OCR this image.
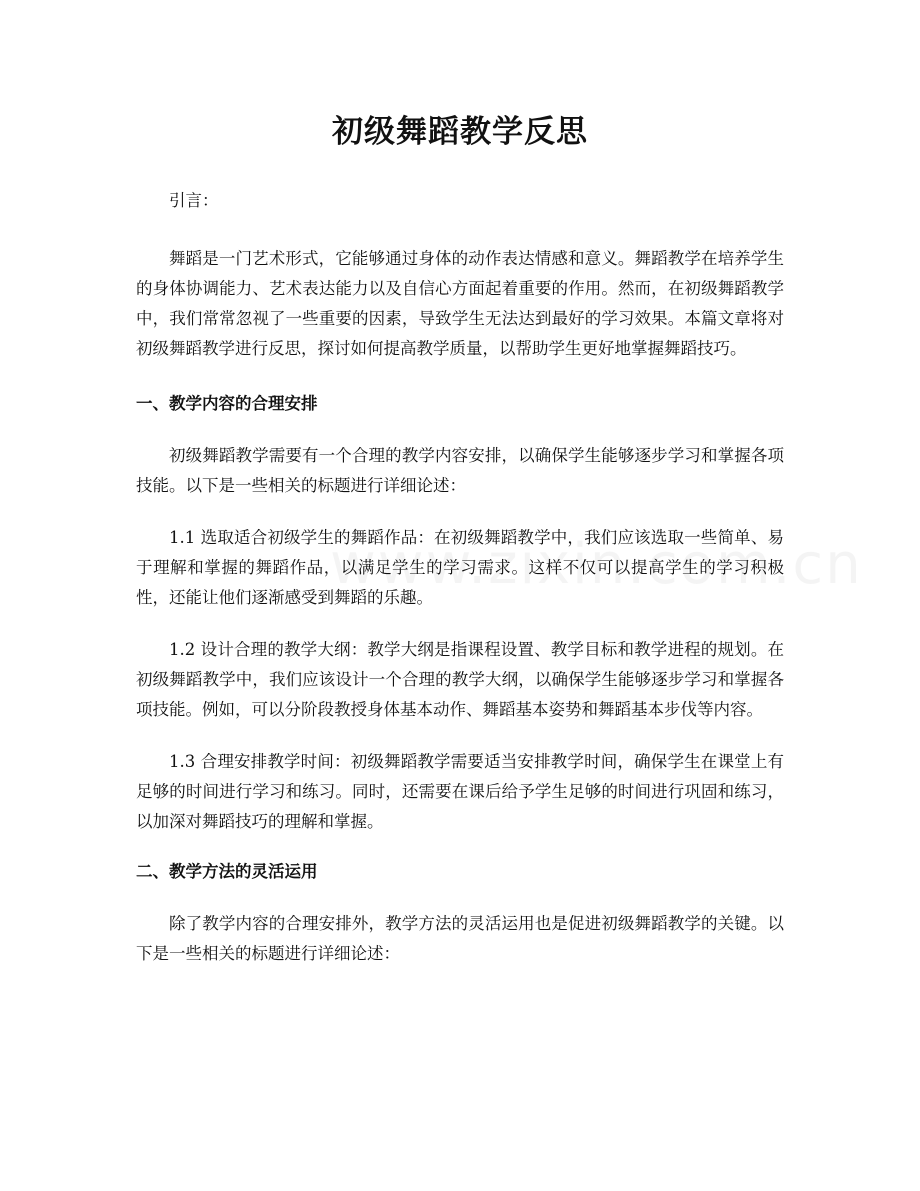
初级舞蹈教学反思

引言：

舞蹈是一门艺术形式，它能够通过身体的动作表达情感和意义。舞蹈教学在培养学生的身体协调能力、艺术表达能力以及自信心方面起着重要的作用。然而，在初级舞蹈教学中，我们常常忽视了一些重要的因素，导致学生无法达到最好的学习效果。本篇文章将对初级舞蹈教学进行反思，探讨如何提高教学质量，以帮助学生更好地掌握舞蹈技巧。

一、教学内容的合理安排

初级舞蹈教学需要有一个合理的教学内容安排，以确保学生能够逐步学习和掌握各项技能。以下是一些相关的标题进行详细论述：

1.1 选取适合初级学生的舞蹈作品：在初级舞蹈教学中，我们应该选取一些简单、易于理解和掌握的舞蹈作品，以满足学生的学习需求。这样不仅可以提高学生的学习积极性，还能让他们逐渐感受到舞蹈的乐趣。

1.2 设计合理的教学大纲：教学大纲是指课程设置、教学目标和教学进程的规划。在初级舞蹈教学中，我们应该设计一个合理的教学大纲，以确保学生能够逐步学习和掌握各项技能。例如，可以分阶段教授身体基本动作、舞蹈基本姿势和舞蹈基本步伐等内容。

1.3 合理安排教学时间：初级舞蹈教学需要适当安排教学时间，确保学生在课堂上有足够的时间进行学习和练习。同时，还需要在课后给予学生足够的时间进行巩固和练习，以加深对舞蹈技巧的理解和掌握。

二、教学方法的灵活运用

除了教学内容的合理安排外，教学方法的灵活运用也是促进初级舞蹈教学的关键。以下是一些相关的标题进行详细论述：
